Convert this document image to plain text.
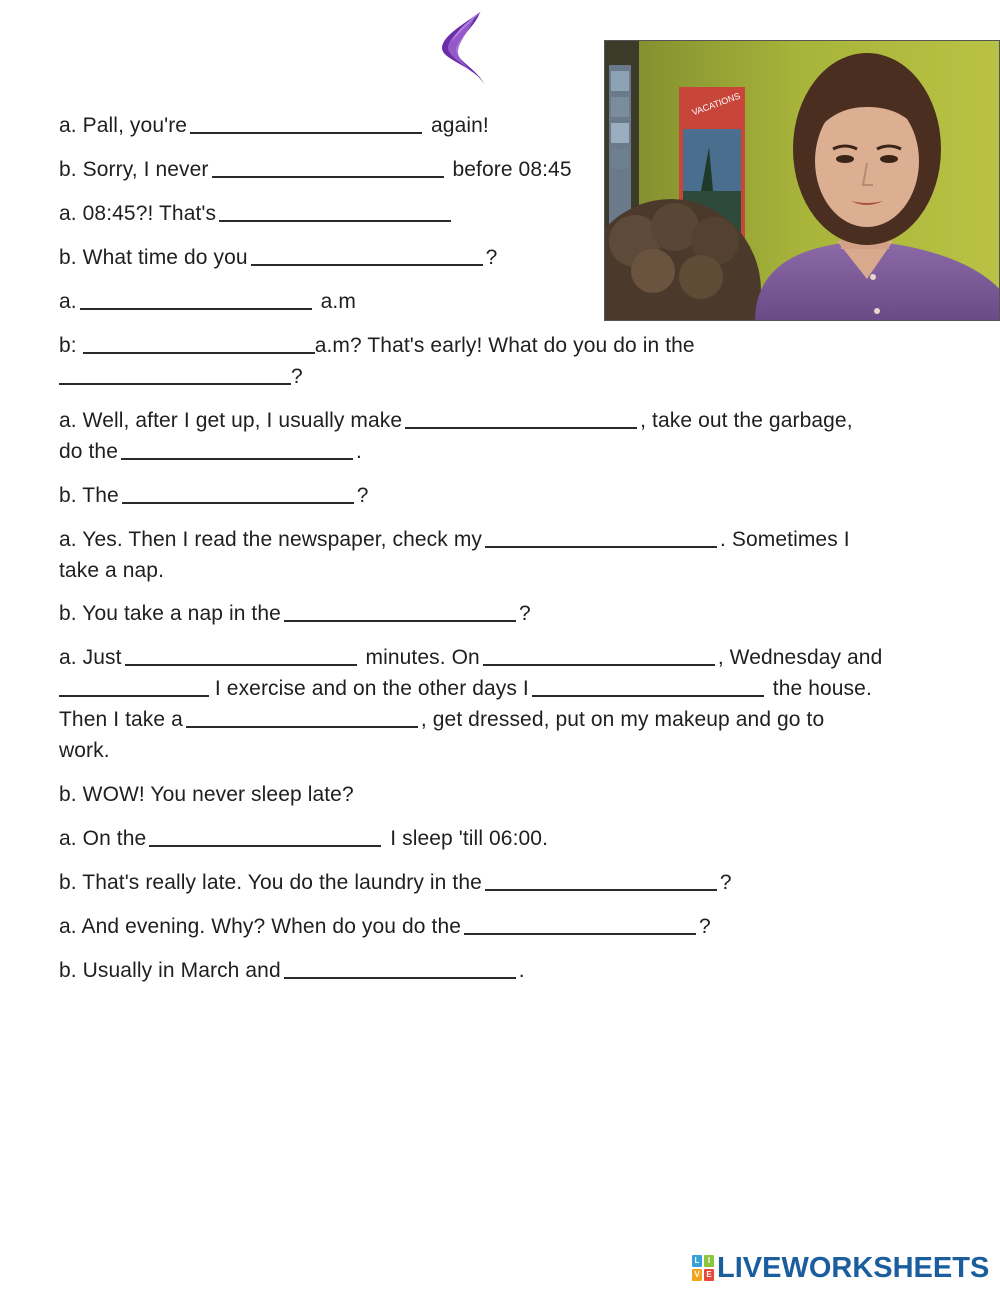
VACATIONS
a. Pall, you're	again!
b. Sorry, I never	before 08:45
a. 08:45?! That's
b. What time do you	?
a.	a.m
b:	a.m? That's early! What do you do in the
?
a. Well, after I get up, I usually make	, take out the garbage,
do the	.
b. The	?
a. Yes. Then I read the newspaper, check my	. Sometimes I
take a nap.
b. You take a nap in the	?
a. Just	minutes. On	, Wednesday and
I exercise and on the other days I	the house.
Then I take a	, get dressed, put on my makeup and go to
work.
b. WOW! You never sleep late?
a. On the	I sleep 'till 06:00.
b. That's really late. You do the laundry in the	?
a. And evening. Why? When do you do the	?
b. Usually in March and	.
L	I
V E LIVEWORKSHEETS
